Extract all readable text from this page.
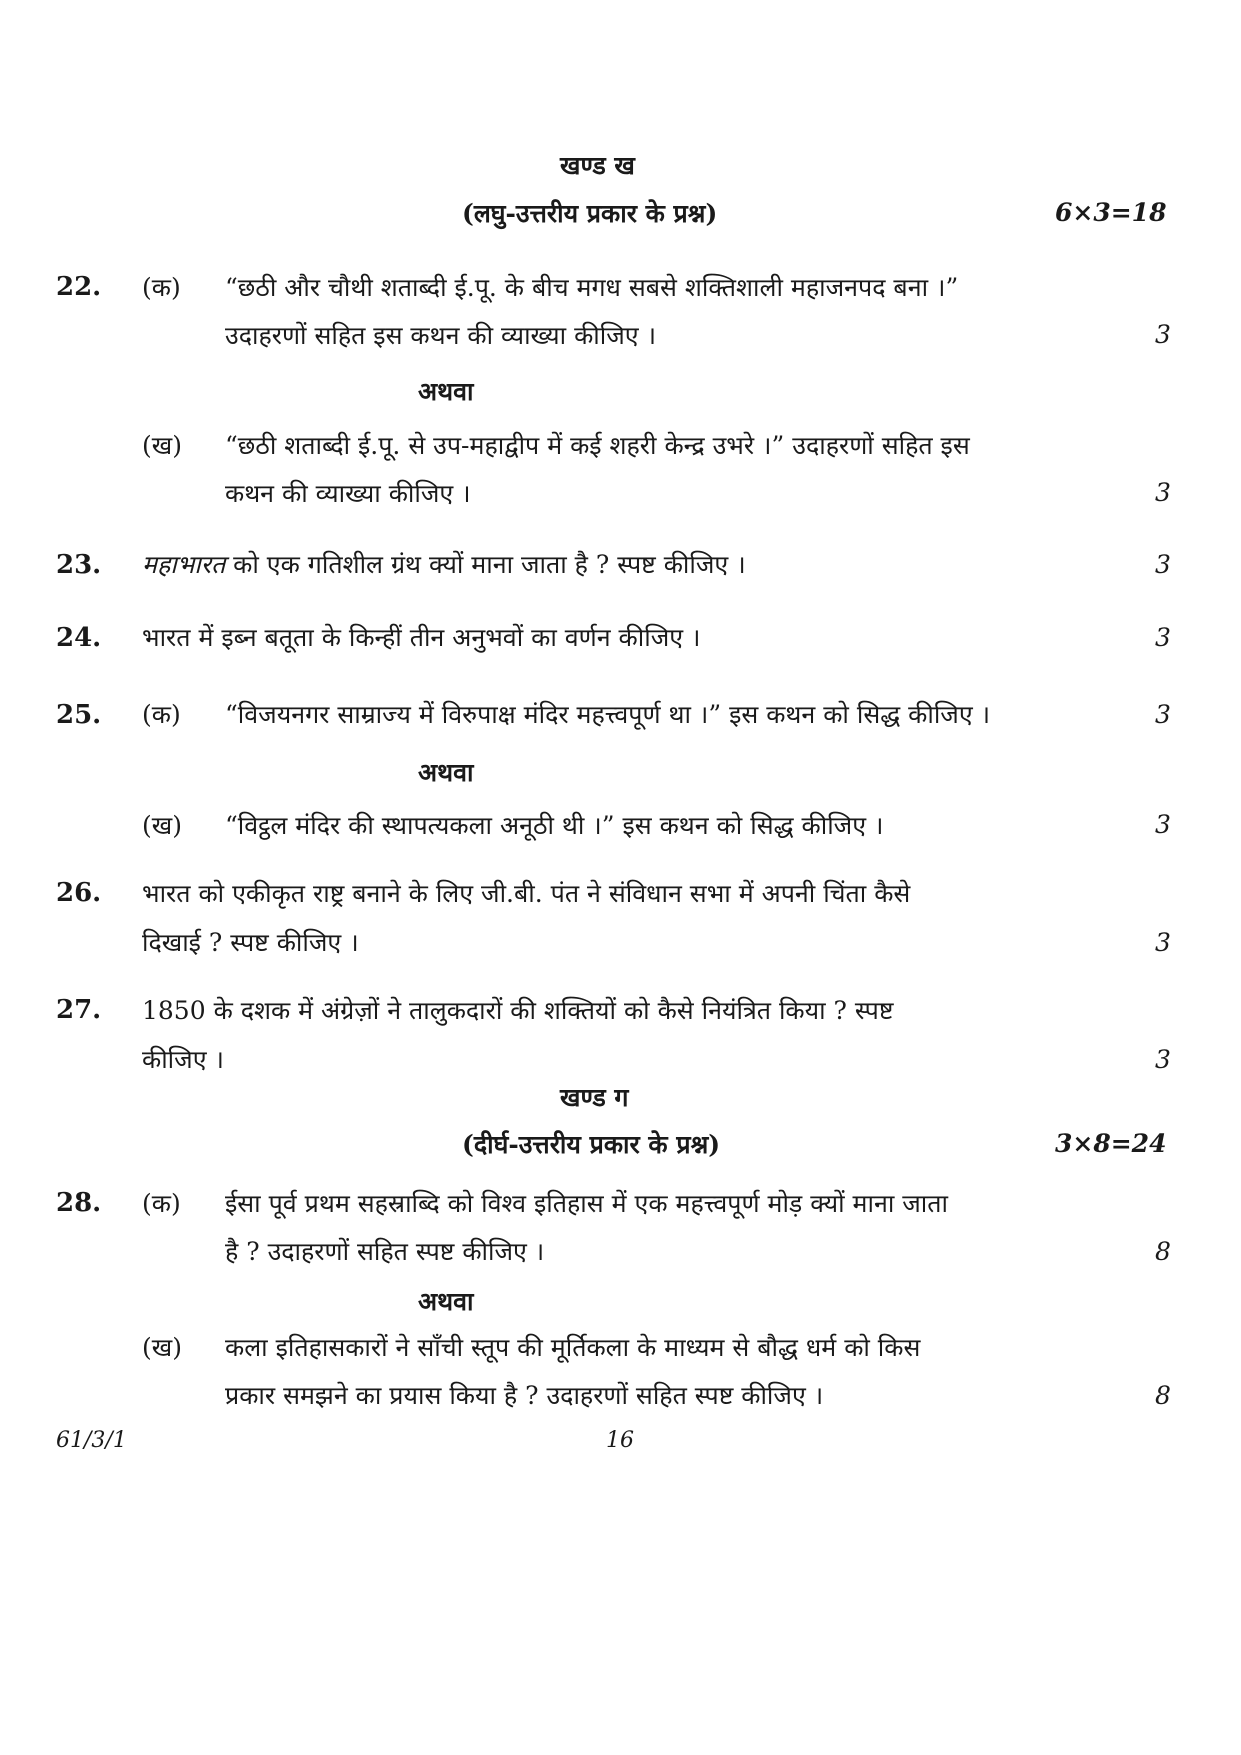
खण्ड ख
(लघु-उत्तरीय प्रकार के प्रश्न)	6×3=18
22. (क) “छठी और चौथी शताब्दी ई.पू. के बीच मगध सबसे शक्तिशाली महाजनपद बना ।”
उदाहरणों सहित इस कथन की व्याख्या कीजिए ।	3
अथवा
(ख) “छठी शताब्दी ई.पू. से उप-महाद्वीप में कई शहरी केन्द्र उभरे ।” उदाहरणों सहित इस
कथन की व्याख्या कीजिए ।	3
23. महाभारत को एक गतिशील ग्रंथ क्यों माना जाता है ? स्पष्ट कीजिए ।	3
24. भारत में इब्न बतूता के किन्हीं तीन अनुभवों का वर्णन कीजिए ।	3
25. (क) “विजयनगर साम्राज्य में विरुपाक्ष मंदिर महत्त्वपूर्ण था ।” इस कथन को सिद्ध कीजिए ।	3
अथवा
(ख) “विट्ठल मंदिर की स्थापत्यकला अनूठी थी ।” इस कथन को सिद्ध कीजिए ।	3
26. भारत को एकीकृत राष्ट्र बनाने के लिए जी.बी. पंत ने संविधान सभा में अपनी चिंता कैसे
दिखाई ? स्पष्ट कीजिए ।	3
27. 1850 के दशक में अंग्रेज़ों ने तालुकदारों की शक्तियों को कैसे नियंत्रित किया ? स्पष्ट
कीजिए ।	3
खण्ड ग
(दीर्घ-उत्तरीय प्रकार के प्रश्न)	3×8=24
28. (क) ईसा पूर्व प्रथम सहस्राब्दि को विश्व इतिहास में एक महत्त्वपूर्ण मोड़ क्यों माना जाता
है ? उदाहरणों सहित स्पष्ट कीजिए ।	8
अथवा
(ख) कला इतिहासकारों ने साँची स्तूप की मूर्तिकला के माध्यम से बौद्ध धर्म को किस
प्रकार समझने का प्रयास किया है ? उदाहरणों सहित स्पष्ट कीजिए ।	8
61/3/1	16
